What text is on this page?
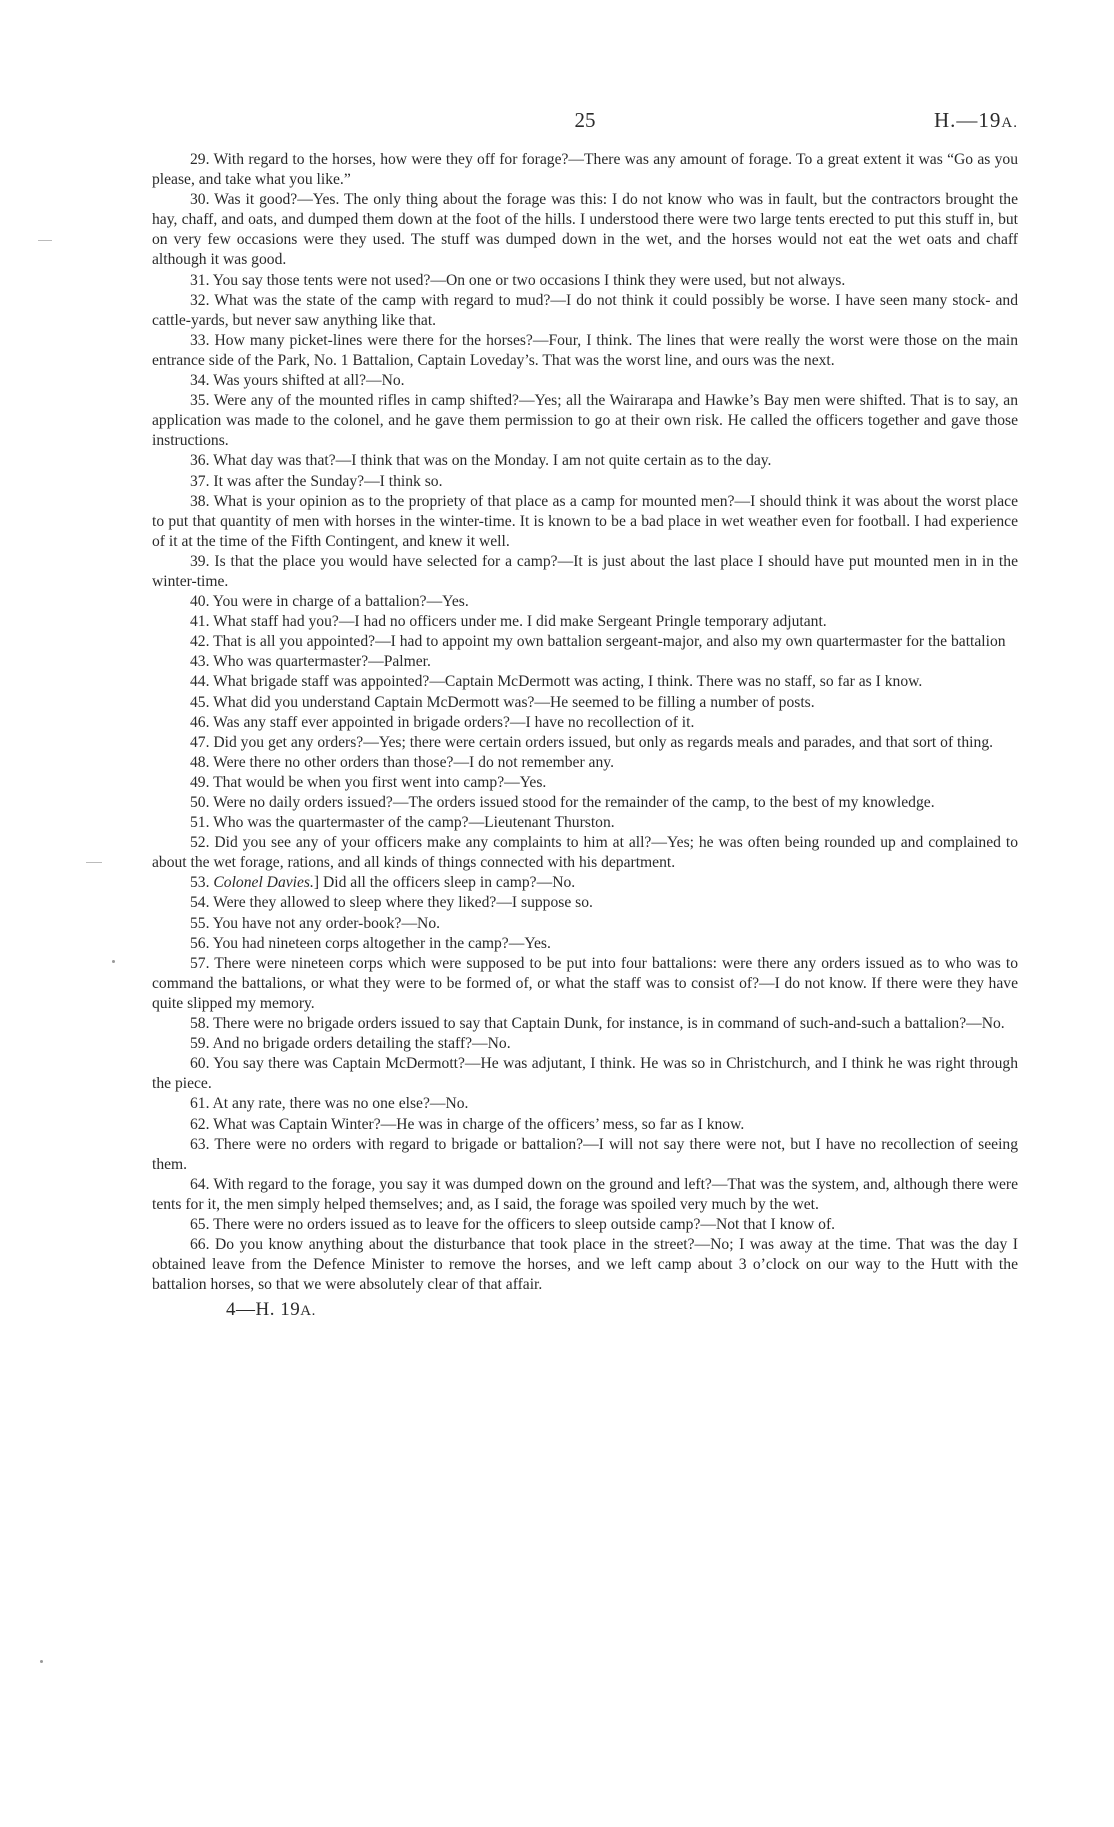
25	H.—19A.

29. With regard to the horses, how were they off for forage?—There was any amount of forage. To a great extent it was “Go as you please, and take what you like.”

30. Was it good?—Yes. The only thing about the forage was this: I do not know who was in fault, but the contractors brought the hay, chaff, and oats, and dumped them down at the foot of the hills. I understood there were two large tents erected to put this stuff in, but on very few occasions were they used. The stuff was dumped down in the wet, and the horses would not eat the wet oats and chaff although it was good.

31. You say those tents were not used?—On one or two occasions I think they were used, but not always.

32. What was the state of the camp with regard to mud?—I do not think it could possibly be worse. I have seen many stock- and cattle-yards, but never saw anything like that.

33. How many picket-lines were there for the horses?—Four, I think. The lines that were really the worst were those on the main entrance side of the Park, No. 1 Battalion, Captain Loveday’s. That was the worst line, and ours was the next.

34. Was yours shifted at all?—No.

35. Were any of the mounted rifles in camp shifted?—Yes; all the Wairarapa and Hawke’s Bay men were shifted. That is to say, an application was made to the colonel, and he gave them permission to go at their own risk. He called the officers together and gave those instructions.

36. What day was that?—I think that was on the Monday. I am not quite certain as to the day.

37. It was after the Sunday?—I think so.

38. What is your opinion as to the propriety of that place as a camp for mounted men?—I should think it was about the worst place to put that quantity of men with horses in the winter-time. It is known to be a bad place in wet weather even for football. I had experience of it at the time of the Fifth Contingent, and knew it well.

39. Is that the place you would have selected for a camp?—It is just about the last place I should have put mounted men in in the winter-time.

40. You were in charge of a battalion?—Yes.

41. What staff had you?—I had no officers under me. I did make Sergeant Pringle temporary adjutant.

42. That is all you appointed?—I had to appoint my own battalion sergeant-major, and also my own quartermaster for the battalion

43. Who was quartermaster?—Palmer.

44. What brigade staff was appointed?—Captain McDermott was acting, I think. There was no staff, so far as I know.

45. What did you understand Captain McDermott was?—He seemed to be filling a number of posts.

46. Was any staff ever appointed in brigade orders?—I have no recollection of it.

47. Did you get any orders?—Yes; there were certain orders issued, but only as regards meals and parades, and that sort of thing.

48. Were there no other orders than those?—I do not remember any.

49. That would be when you first went into camp?—Yes.

50. Were no daily orders issued?—The orders issued stood for the remainder of the camp, to the best of my knowledge.

51. Who was the quartermaster of the camp?—Lieutenant Thurston.

52. Did you see any of your officers make any complaints to him at all?—Yes; he was often being rounded up and complained to about the wet forage, rations, and all kinds of things connected with his department.

53. Colonel Davies.] Did all the officers sleep in camp?—No.

54. Were they allowed to sleep where they liked?—I suppose so.

55. You have not any order-book?—No.

56. You had nineteen corps altogether in the camp?—Yes.

57. There were nineteen corps which were supposed to be put into four battalions: were there any orders issued as to who was to command the battalions, or what they were to be formed of, or what the staff was to consist of?—I do not know. If there were they have quite slipped my memory.

58. There were no brigade orders issued to say that Captain Dunk, for instance, is in command of such-and-such a battalion?—No.

59. And no brigade orders detailing the staff?—No.

60. You say there was Captain McDermott?—He was adjutant, I think. He was so in Christchurch, and I think he was right through the piece.

61. At any rate, there was no one else?—No.

62. What was Captain Winter?—He was in charge of the officers’ mess, so far as I know.

63. There were no orders with regard to brigade or battalion?—I will not say there were not, but I have no recollection of seeing them.

64. With regard to the forage, you say it was dumped down on the ground and left?—That was the system, and, although there were tents for it, the men simply helped themselves; and, as I said, the forage was spoiled very much by the wet.

65. There were no orders issued as to leave for the officers to sleep outside camp?—Not that I know of.

66. Do you know anything about the disturbance that took place in the street?—No; I was away at the time. That was the day I obtained leave from the Defence Minister to remove the horses, and we left camp about 3 o’clock on our way to the Hutt with the battalion horses, so that we were absolutely clear of that affair.

4—H. 19A.
